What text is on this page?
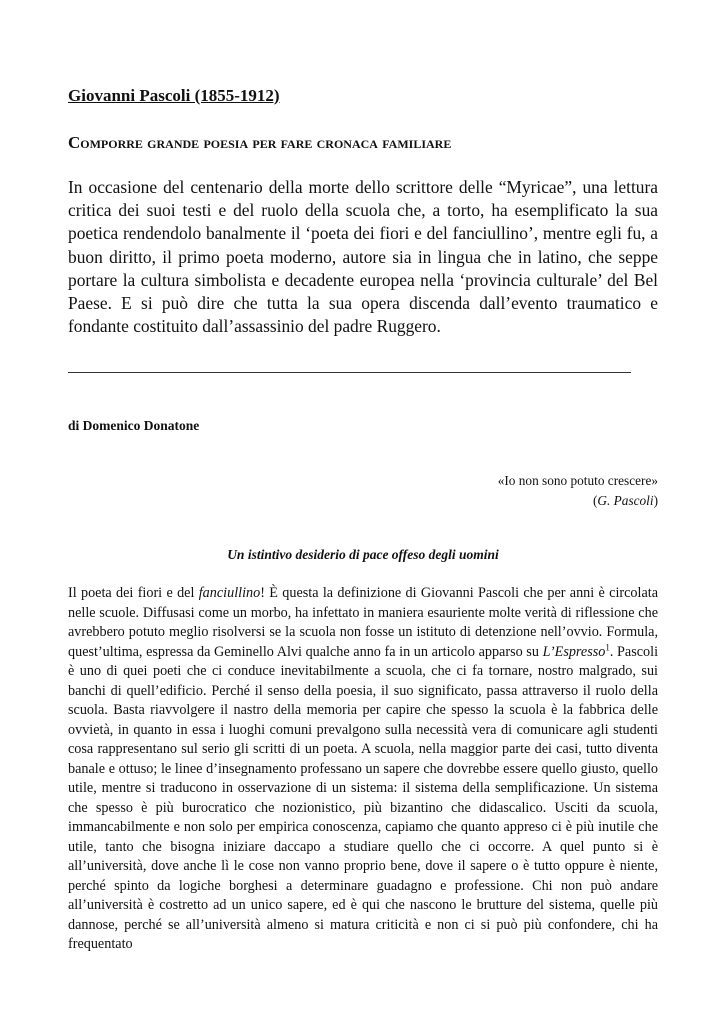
Giovanni Pascoli (1855-1912)
Comporre grande poesia per fare cronaca familiare

In occasione del centenario della morte dello scrittore delle “Myricae”, una lettura critica dei suoi testi e del ruolo della scuola che, a torto, ha esemplificato la sua poetica rendendolo banalmente il ‘poeta dei fiori e del fanciullino’, mentre egli fu, a buon diritto, il primo poeta moderno, autore sia in lingua che in latino, che seppe portare la cultura simbolista e decadente europea nella ‘provincia culturale’ del Bel Paese. E si può dire che tutta la sua opera discenda dall’evento traumatico e fondante costituito dall’assassinio del padre Ruggero.

di Domenico Donatone
«Io non sono potuto crescere»
(G. Pascoli)
Un istintivo desiderio di pace offeso degli uomini

Il poeta dei fiori e del fanciullino! È questa la definizione di Giovanni Pascoli che per anni è circolata nelle scuole. Diffusasi come un morbo, ha infettato in maniera esauriente molte verità di riflessione che avrebbero potuto meglio risolversi se la scuola non fosse un istituto di detenzione nell’ovvio. Formula, quest’ultima, espressa da Geminello Alvi qualche anno fa in un articolo apparso su L’Espresso$^1$. Pascoli è uno di quei poeti che ci conduce inevitabilmente a scuola, che ci fa tornare, nostro malgrado, sui banchi di quell’edificio. Perché il senso della poesia, il suo significato, passa attraverso il ruolo della scuola. Basta riavvolgere il nastro della memoria per capire che spesso la scuola è la fabbrica delle ovvietà, in quanto in essa i luoghi comuni prevalgono sulla necessità vera di comunicare agli studenti cosa rappresentano sul serio gli scritti di un poeta. A scuola, nella maggior parte dei casi, tutto diventa banale e ottuso; le linee d’insegnamento professano un sapere che dovrebbe essere quello giusto, quello utile, mentre si traducono in osservazione di un sistema: il sistema della semplificazione. Un sistema che spesso è più burocratico che nozionistico, più bizantino che didascalico. Usciti da scuola, immancabilmente e non solo per empirica conoscenza, capiamo che quanto appreso ci è più inutile che utile, tanto che bisogna iniziare daccapo a studiare quello che ci occorre. A quel punto si è all’università, dove anche lì le cose non vanno proprio bene, dove il sapere o è tutto oppure è niente, perché spinto da logiche borghesi a determinare guadagno e professione. Chi non può andare all’università è costretto ad un unico sapere, ed è qui che nascono le brutture del sistema, quelle più dannose, perché se all’università almeno si matura criticità e non ci si può più confondere, chi ha frequentato
